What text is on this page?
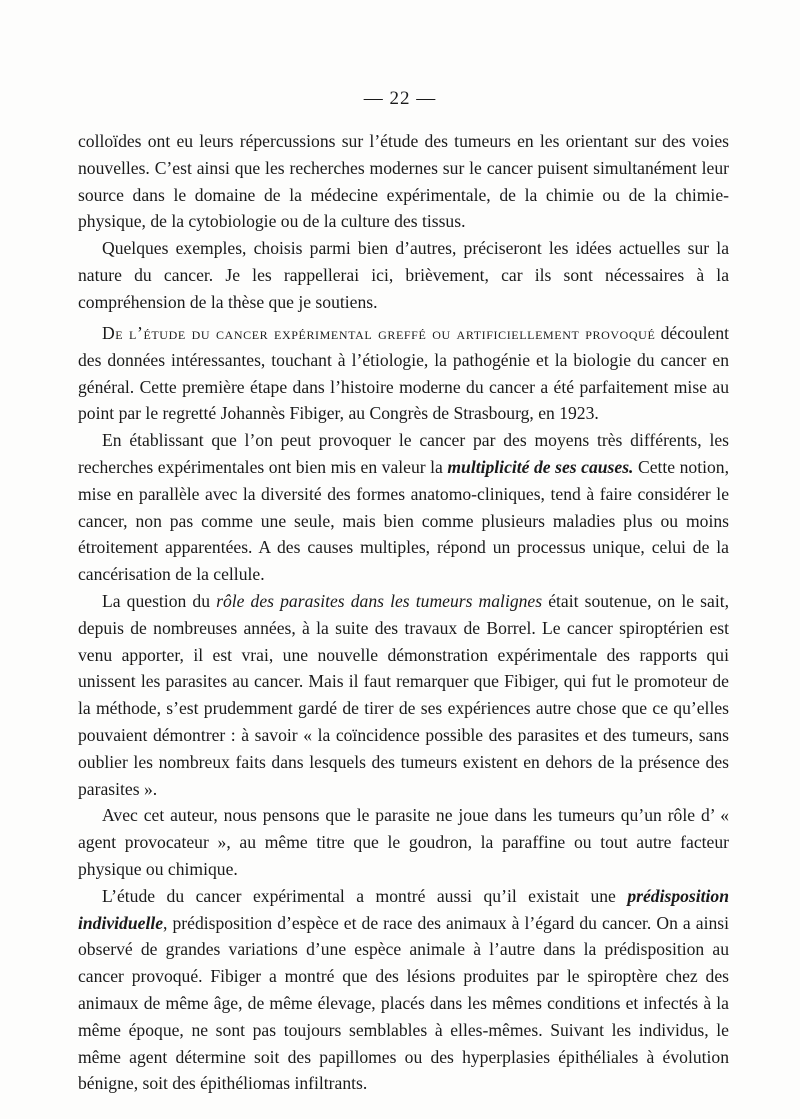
— 22 —

colloïdes ont eu leurs répercussions sur l’étude des tumeurs en les orientant sur des voies nouvelles. C’est ainsi que les recherches modernes sur le cancer puisent simultanément leur source dans le domaine de la médecine expérimentale, de la chimie ou de la chimie-physique, de la cytobiologie ou de la culture des tissus.

Quelques exemples, choisis parmi bien d’autres, préciseront les idées actuelles sur la nature du cancer. Je les rappellerai ici, brièvement, car ils sont nécessaires à la compréhension de la thèse que je soutiens.

De l’étude du cancer expérimental greffé ou artificiellement provoqué découlent des données intéressantes, touchant à l’étiologie, la pathogénie et la biologie du cancer en général. Cette première étape dans l’histoire moderne du cancer a été parfaitement mise au point par le regretté Johannès Fibiger, au Congrès de Strasbourg, en 1923.

En établissant que l’on peut provoquer le cancer par des moyens très différents, les recherches expérimentales ont bien mis en valeur la multiplicité de ses causes. Cette notion, mise en parallèle avec la diversité des formes anatomo-cliniques, tend à faire considérer le cancer, non pas comme une seule, mais bien comme plusieurs maladies plus ou moins étroitement apparentées. A des causes multiples, répond un processus unique, celui de la cancérisation de la cellule.

La question du rôle des parasites dans les tumeurs malignes était soutenue, on le sait, depuis de nombreuses années, à la suite des travaux de Borrel. Le cancer spiroptérien est venu apporter, il est vrai, une nouvelle démonstration expérimentale des rapports qui unissent les parasites au cancer. Mais il faut remarquer que Fibiger, qui fut le promoteur de la méthode, s’est prudemment gardé de tirer de ses expériences autre chose que ce qu’elles pouvaient démontrer : à savoir « la coïncidence possible des parasites et des tumeurs, sans oublier les nombreux faits dans lesquels des tumeurs existent en dehors de la présence des parasites ».

Avec cet auteur, nous pensons que le parasite ne joue dans les tumeurs qu’un rôle d’ « agent provocateur », au même titre que le goudron, la paraffine ou tout autre facteur physique ou chimique.

L’étude du cancer expérimental a montré aussi qu’il existait une prédisposition individuelle, prédisposition d’espèce et de race des animaux à l’égard du cancer. On a ainsi observé de grandes variations d’une espèce animale à l’autre dans la prédisposition au cancer provoqué. Fibiger a montré que des lésions produites par le spiroptère chez des animaux de même âge, de même élevage, placés dans les mêmes conditions et infectés à la même époque, ne sont pas toujours semblables à elles-mêmes. Suivant les individus, le même agent détermine soit des papillomes ou des hyperplasies épithéliales à évolution bénigne, soit des épithéliomas infiltrants.
